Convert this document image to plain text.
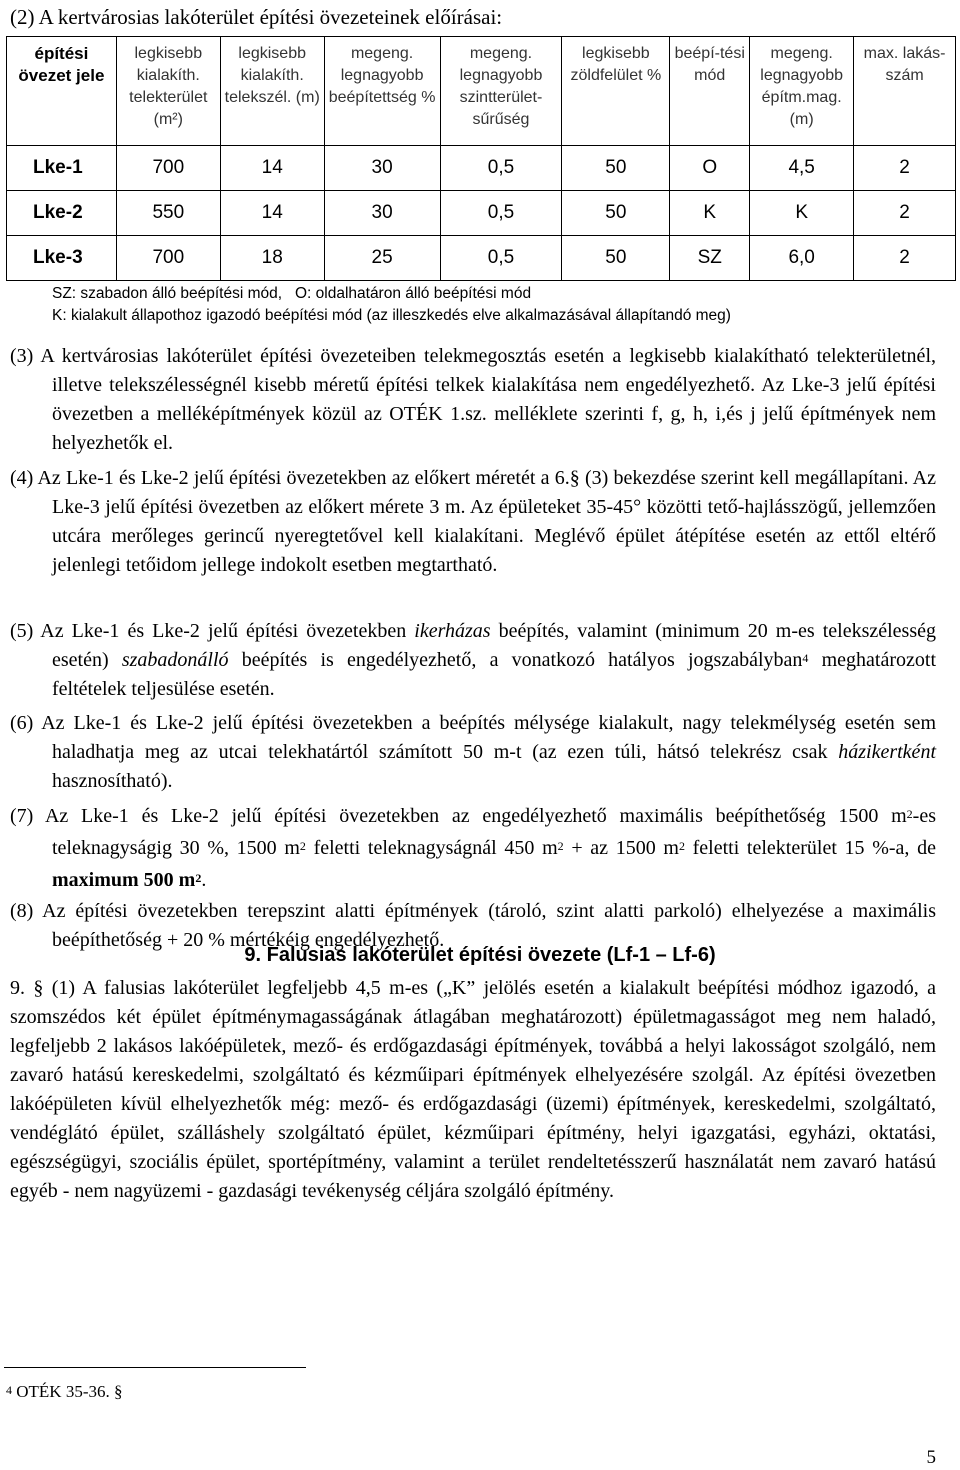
(2) A kertvárosias lakóterület építési övezeteinek előírásai:
építési övezet jele	legkisebb kialakíth. telekterület (m²)	legkisebb kialakíth. telekszél. (m)	megeng. legnagyobb beépítettség %	megeng. legnagyobb szintterület-sűrűség	legkisebb zöldfelület %	beépí-tési mód	megeng. legnagyobb építm.mag. (m)	max. lakás-szám
Lke-1	700	14	30	0,5	50	O	4,5	2
Lke-2	550	14	30	0,5	50	K	K	2
Lke-3	700	18	25	0,5	50	SZ	6,0	2
SZ: szabadon álló beépítési mód,   O: oldalhatáron álló beépítési mód
K: kialakult állapothoz igazodó beépítési mód (az illeszkedés elve alkalmazásával állapítandó meg)

(3) A kertvárosias lakóterület építési övezeteiben telekmegosztás esetén a legkisebb kialakítható telekterületnél, illetve telekszélességnél kisebb méretű építési telkek kialakítása nem engedélyezhető. Az Lke-3 jelű építési övezetben a melléképítmények közül az OTÉK 1.sz. melléklete szerinti f, g, h, i,és j jelű építmények nem helyezhetők el.

(4) Az Lke-1 és Lke-2 jelű építési övezetekben az előkert méretét a 6.§ (3) bekezdése szerint kell megállapítani. Az Lke-3 jelű építési övezetben az előkert mérete 3 m. Az épületeket 35-45° közötti tető-hajlásszögű, jellemzően utcára merőleges gerincű nyeregtetővel kell kialakítani. Meglévő épület átépítése esetén az ettől eltérő jelenlegi tetőidom jellege indokolt esetben megtartható.

(5) Az Lke-1 és Lke-2 jelű építési övezetekben ikerházas beépítés, valamint (minimum 20 m-es telekszélesség esetén) szabadonálló beépítés is engedélyezhető, a vonatkozó hatályos jogszabályban$^4$ meghatározott feltételek teljesülése esetén.

(6) Az Lke-1 és Lke-2 jelű építési övezetekben a beépítés mélysége kialakult, nagy telekmélység esetén sem haladhatja meg az utcai telekhatártól számított 50 m-t (az ezen túli, hátsó telekrész csak házikertként hasznosítható).

(7) Az Lke-1 és Lke-2 jelű építési övezetekben az engedélyezhető maximális beépíthetőség 1500 $m^2-es$ teleknagyságig 30 %, 1500 $m^2$ feletti teleknagyságnál 450 $m^2$ + az 1500 $m^2$ feletti telekterület 15 %-a, de maximum 500 $m^2$.

(8) Az építési övezetekben terepszint alatti építmények (tároló, szint alatti parkoló) elhelyezése a maximális beépíthetőség + 20 % mértékéig engedélyezhető.

9. Falusias lakóterület építési övezete (Lf-1 – Lf-6)

9. § (1) A falusias lakóterület legfeljebb 4,5 m-es („K” jelölés esetén a kialakult beépítési módhoz igazodó, a szomszédos két épület építménymagasságának átlagában meghatározott) épületmagasságot meg nem haladó, legfeljebb 2 lakásos lakóépületek, mező- és erdőgazdasági építmények, továbbá a helyi lakosságot szolgáló, nem zavaró hatású kereskedelmi, szolgáltató és kézműipari építmények elhelyezésére szolgál. Az építési övezetben lakóépületen kívül elhelyezhetők még: mező- és erdőgazdasági (üzemi) építmények, kereskedelmi, szolgáltató, vendéglátó épület, szálláshely szolgáltató épület, kézműipari építmény, helyi igazgatási, egyházi, oktatási, egészségügyi, szociális épület, sportépítmény, valamint a terület rendeltetésszerű használatát nem zavaró hatású egyéb - nem nagyüzemi - gazdasági tevékenység céljára szolgáló építmény.

$^4$ OTÉK 35-36. §
5
